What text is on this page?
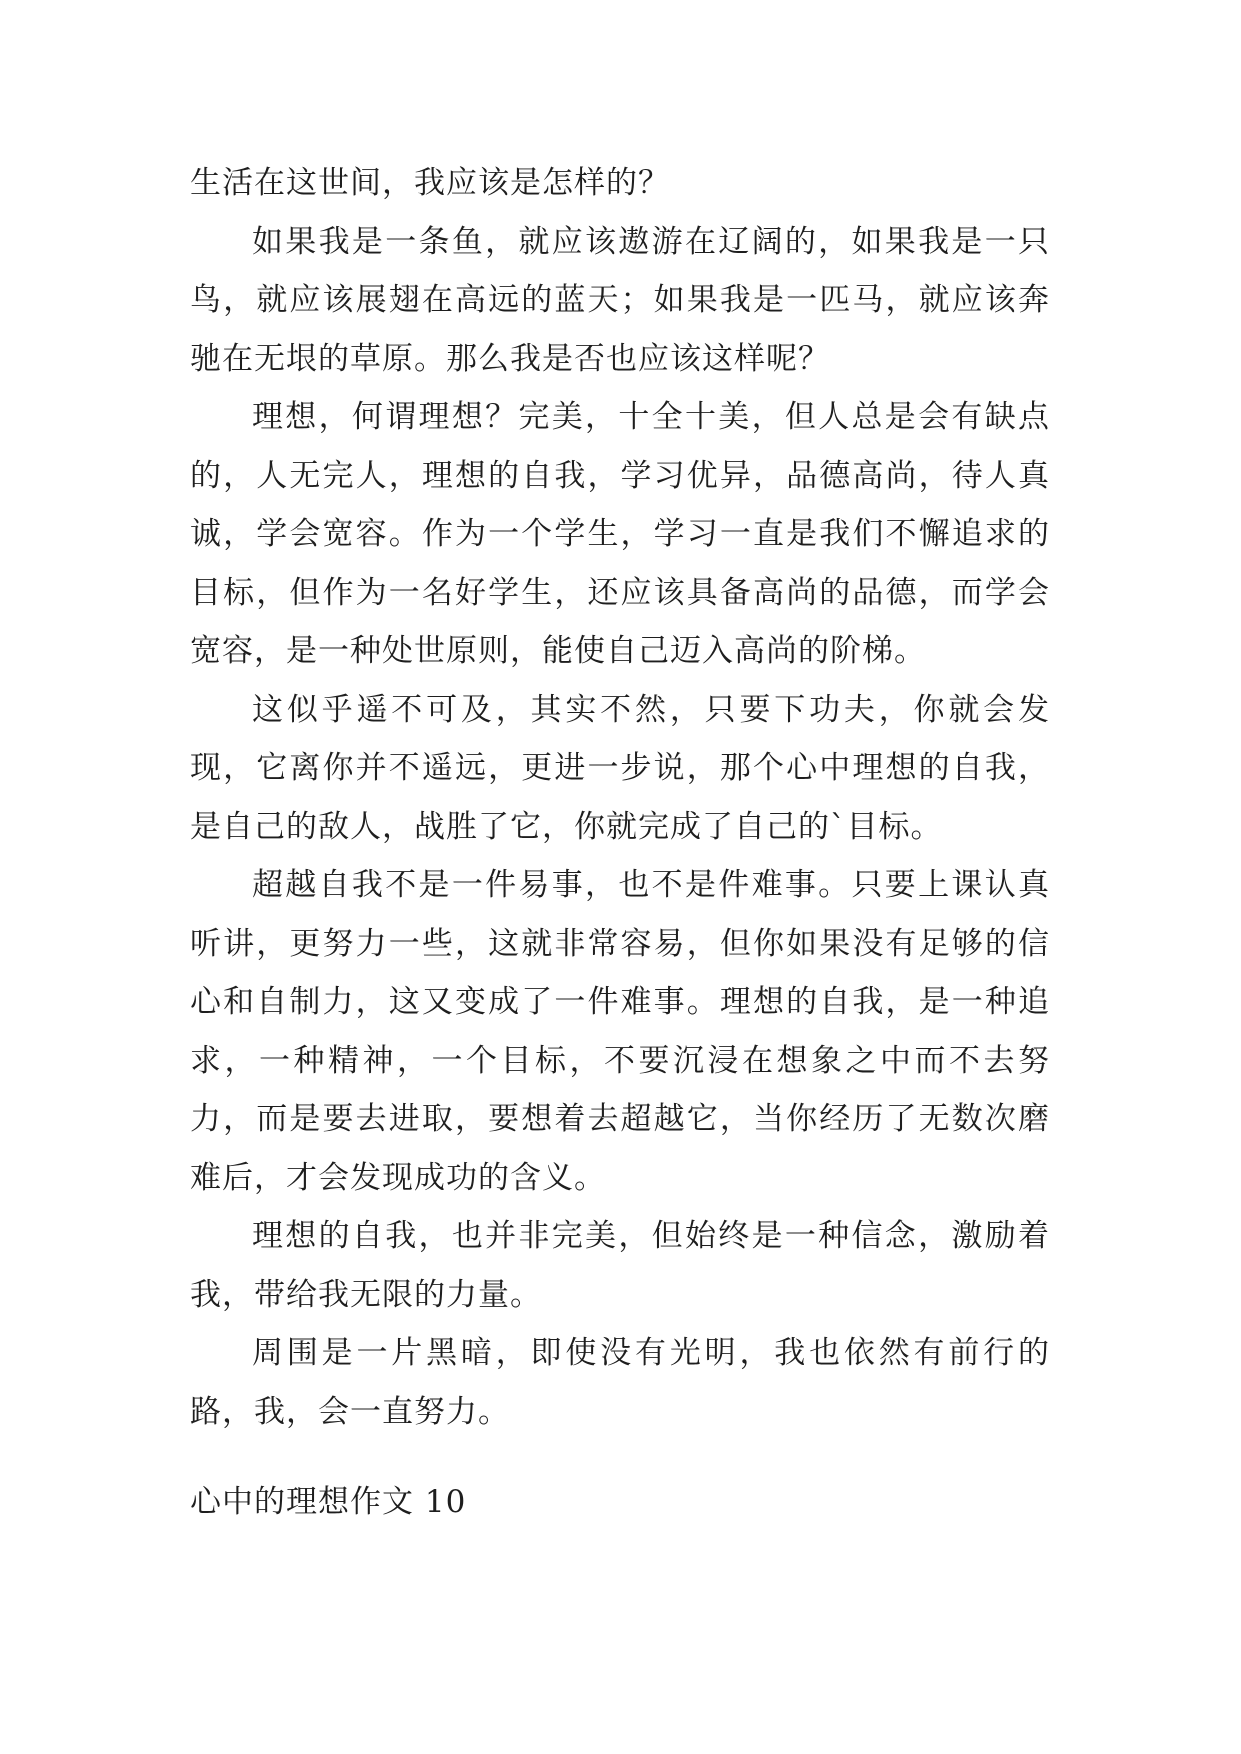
生活在这世间，我应该是怎样的？

如果我是一条鱼，就应该遨游在辽阔的，如果我是一只鸟，就应该展翅在高远的蓝天；如果我是一匹马，就应该奔驰在无垠的草原。那么我是否也应该这样呢？

理想，何谓理想？完美，十全十美，但人总是会有缺点的，人无完人，理想的自我，学习优异，品德高尚，待人真诚，学会宽容。作为一个学生，学习一直是我们不懈追求的目标，但作为一名好学生，还应该具备高尚的品德，而学会宽容，是一种处世原则，能使自己迈入高尚的阶梯。

这似乎遥不可及，其实不然，只要下功夫，你就会发现，它离你并不遥远，更进一步说，那个心中理想的自我，是自己的敌人，战胜了它，你就完成了自己的`目标。

超越自我不是一件易事，也不是件难事。只要上课认真听讲，更努力一些，这就非常容易，但你如果没有足够的信心和自制力，这又变成了一件难事。理想的自我，是一种追求，一种精神，一个目标，不要沉浸在想象之中而不去努力，而是要去进取，要想着去超越它，当你经历了无数次磨难后，才会发现成功的含义。

理想的自我，也并非完美，但始终是一种信念，激励着我，带给我无限的力量。

周围是一片黑暗，即使没有光明，我也依然有前行的路，我，会一直努力。

心中的理想作文 10
